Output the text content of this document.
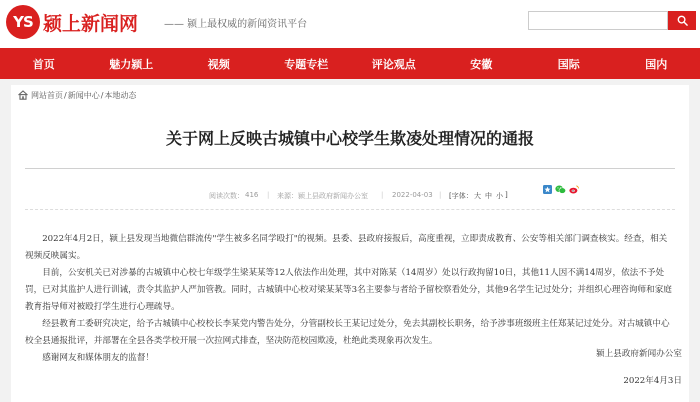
YS 颍上新闻网	—— 颍上最权威的新闻资讯平台
首页	魅力颍上	视频	专题专栏	评论观点	安徽	国际	国内
网站首页 / 新闻中心 / 本地动态
关于网上反映古城镇中心校学生欺凌处理情况的通报
阅读次数： 416 | 来源： 颍上县政府新闻办公室 | 2022-04-03 | [字体： 大 中 小 ]

2022年4月2日，颍上县发现当地微信群流传"学生被多名同学殴打"的视频。县委、县政府接报后，高度重视，立即责成教育、公安等相关部门调查核实。经查，相关视频反映属实。

目前，公安机关已对涉暴的古城镇中心校七年级学生梁某某等12人依法作出处理，其中对陈某（14周岁）处以行政拘留10日，其他11人因不满14周岁，依法不予处罚，已对其监护人进行训诫，责令其监护人严加管教。同时，古城镇中心校对梁某某等3名主要参与者给予留校察看处分，其他9名学生记过处分；并组织心理咨询师和家庭教育指导师对被殴打学生进行心理疏导。

经县教育工委研究决定，给予古城镇中心校校长李某党内警告处分，分管副校长王某记过处分，免去其副校长职务，给予涉事班级班主任郑某记过处分。对古城镇中心校全县通报批评，并部署在全县各类学校开展一次拉网式排查，坚决防范校园欺凌，杜绝此类现象再次发生。

感谢网友和媒体朋友的监督！	颍上县政府新闻办公室
2022年4月3日
